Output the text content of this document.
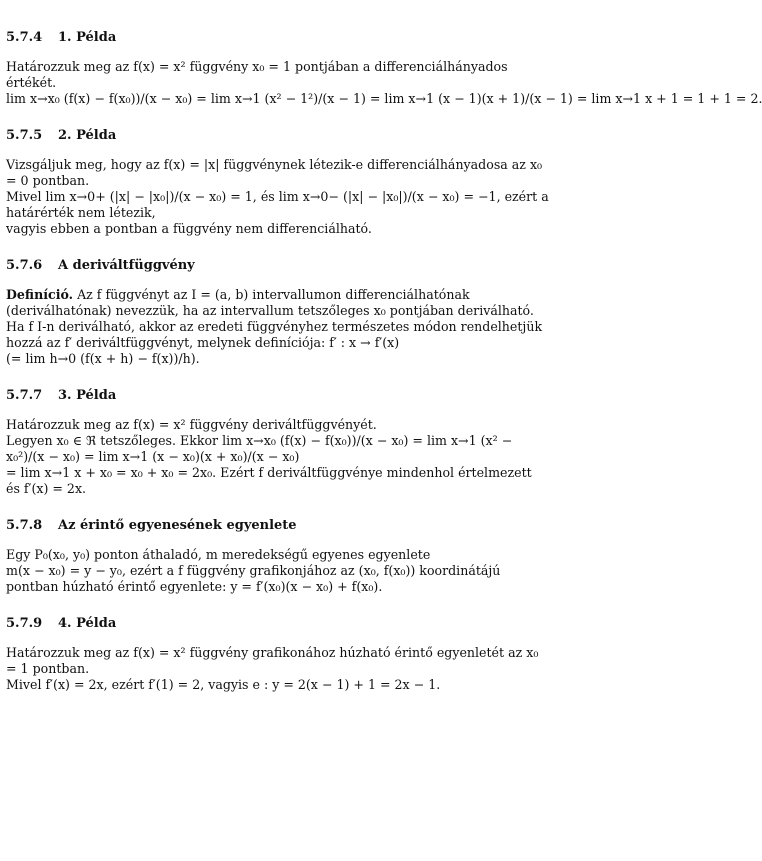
5.7.4 1. Példa

Határozzuk meg az f(x) = x² függvény x₀ = 1 pontjában a differenciálhányados értékét.

lim x→x₀ (f(x) − f(x₀))/(x − x₀) = lim x→1 (x² − 1²)/(x − 1) = lim x→1 (x − 1)(x + 1)/(x − 1) = lim x→1 x + 1 = 1 + 1 = 2.

5.7.5 2. Példa

Vizsgáljuk meg, hogy az f(x) = |x| függvénynek létezik-e differenciálhányadosa az x₀ = 0 pontban.

Mivel lim x→0+ (|x| − |x₀|)/(x − x₀) = 1, és lim x→0− (|x| − |x₀|)/(x − x₀) = −1, ezért a határérték nem létezik,

vagyis ebben a pontban a függvény nem differenciálható.

5.7.6 A deriváltfüggvény

Definíció. Az f függvényt az I = (a, b) intervallumon differenciálhatónak (deriválhatónak) nevezzük, ha az intervallum tetszőleges x₀ pontjában deriválható.

Ha f I-n deriválható, akkor az eredeti függvényhez természetes módon rendelhetjük hozzá az f′ deriváltfüggvényt, melynek definíciója: f′ : x → f′(x)

(= lim h→0 (f(x + h) − f(x))/h).

5.7.7 3. Példa

Határozzuk meg az f(x) = x² függvény deriváltfüggvényét.

Legyen x₀ ∈ ℜ tetszőleges. Ekkor lim x→x₀ (f(x) − f(x₀))/(x − x₀) = lim x→1 (x² − x₀²)/(x − x₀) = lim x→1 (x − x₀)(x + x₀)/(x − x₀)

= lim x→1 x + x₀ = x₀ + x₀ = 2x₀. Ezért f deriváltfüggvénye mindenhol értelmezett

és f′(x) = 2x.

5.7.8 Az érintő egyenesének egyenlete

Egy P₀(x₀, y₀) ponton áthaladó, m meredekségű egyenes egyenlete

m(x − x₀) = y − y₀, ezért a f függvény grafikonjához az (x₀, f(x₀)) koordinátájú

pontban húzható érintő egyenlete: y = f′(x₀)(x − x₀) + f(x₀).

5.7.9 4. Példa

Határozzuk meg az f(x) = x² függvény grafikonához húzható érintő egyenletét az x₀ = 1 pontban.

Mivel f′(x) = 2x, ezért f′(1) = 2, vagyis e : y = 2(x − 1) + 1 = 2x − 1.
